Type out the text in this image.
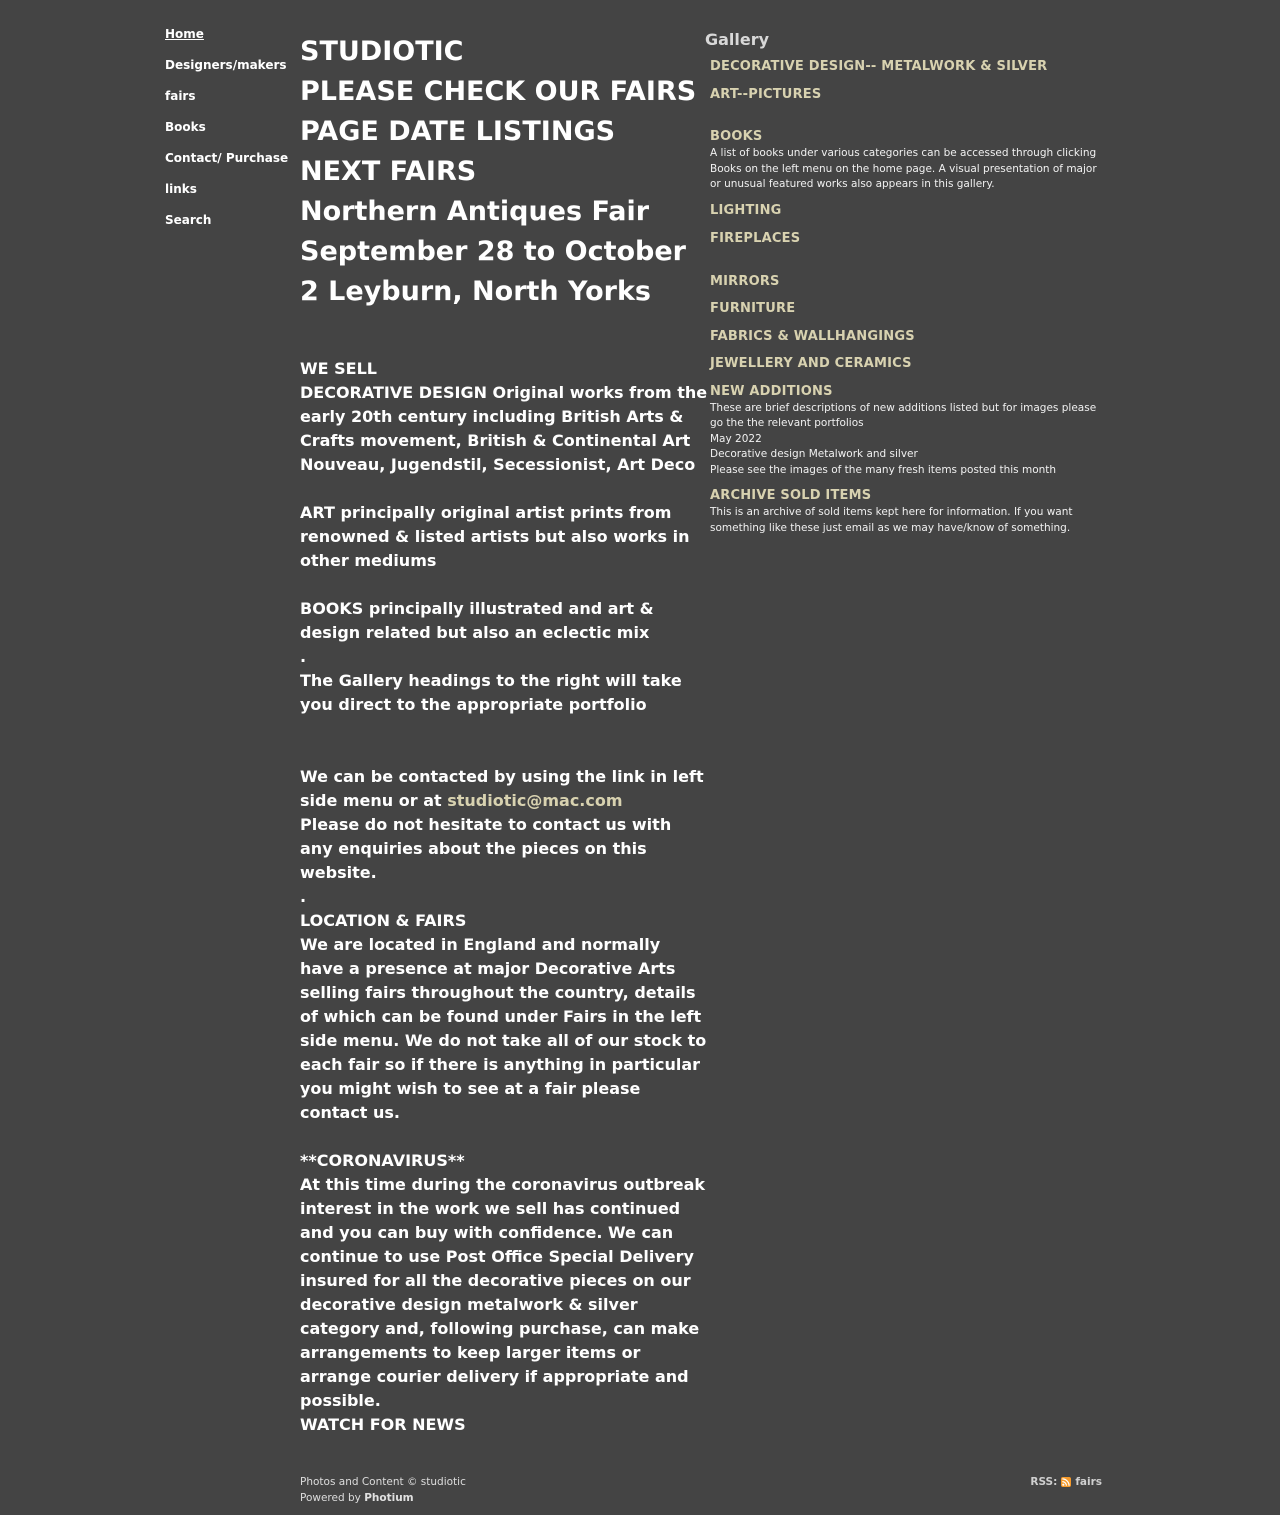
Home
Designers/makers
fairs
Books
Contact/ Purchase
links
Search
STUDIOTIC
PLEASE CHECK OUR FAIRS
PAGE DATE LISTINGS
NEXT FAIRS
Northern Antiques Fair
September 28 to October
2 Leyburn, North Yorks

WE SELL

DECORATIVE DESIGN Original works from the early 20th century including British Arts & Crafts movement, British & Continental Art Nouveau, Jugendstil, Secessionist, Art Deco

ART principally original artist prints from renowned & listed artists but also works in other mediums

BOOKS principally illustrated and art & design related but also an eclectic mix

.

The Gallery headings to the right will take you direct to the appropriate portfolio

We can be contacted by using the link in left side menu or at studiotic@mac.com

Please do not hesitate to contact us with any enquiries about the pieces on this website.

.

LOCATION & FAIRS

We are located in England and normally have a presence at major Decorative Arts selling fairs throughout the country, details of which can be found under Fairs in the left side menu. We do not take all of our stock to each fair so if there is anything in particular you might wish to see at a fair please contact us.

**CORONAVIRUS**

At this time during the coronavirus outbreak interest in the work we sell has continued and you can buy with confidence. We can continue to use Post Office Special Delivery insured for all the decorative pieces on our decorative design metalwork & silver category and, following purchase, can make arrangements to keep larger items or arrange courier delivery if appropriate and possible.

WATCH FOR NEWS

Gallery
DECORATIVE DESIGN-- METALWORK & SILVER
ART--PICTURES
BOOKS
A list of books under various categories can be accessed through clicking Books on the left menu on the home page. A visual presentation of major or unusual featured works also appears in this gallery.
LIGHTING
FIREPLACES
MIRRORS
FURNITURE
FABRICS & WALLHANGINGS
JEWELLERY AND CERAMICS
NEW ADDITIONS
These are brief descriptions of new additions listed but for images please go the the relevant portfolios
May 2022
Decorative design Metalwork and silver
Please see the images of the many fresh items posted this month
ARCHIVE SOLD ITEMS
This is an archive of sold items kept here for information. If you want something like these just email as we may have/know of something.
Photos and Content © studiotic
Powered by Photium
RSS: fairs
